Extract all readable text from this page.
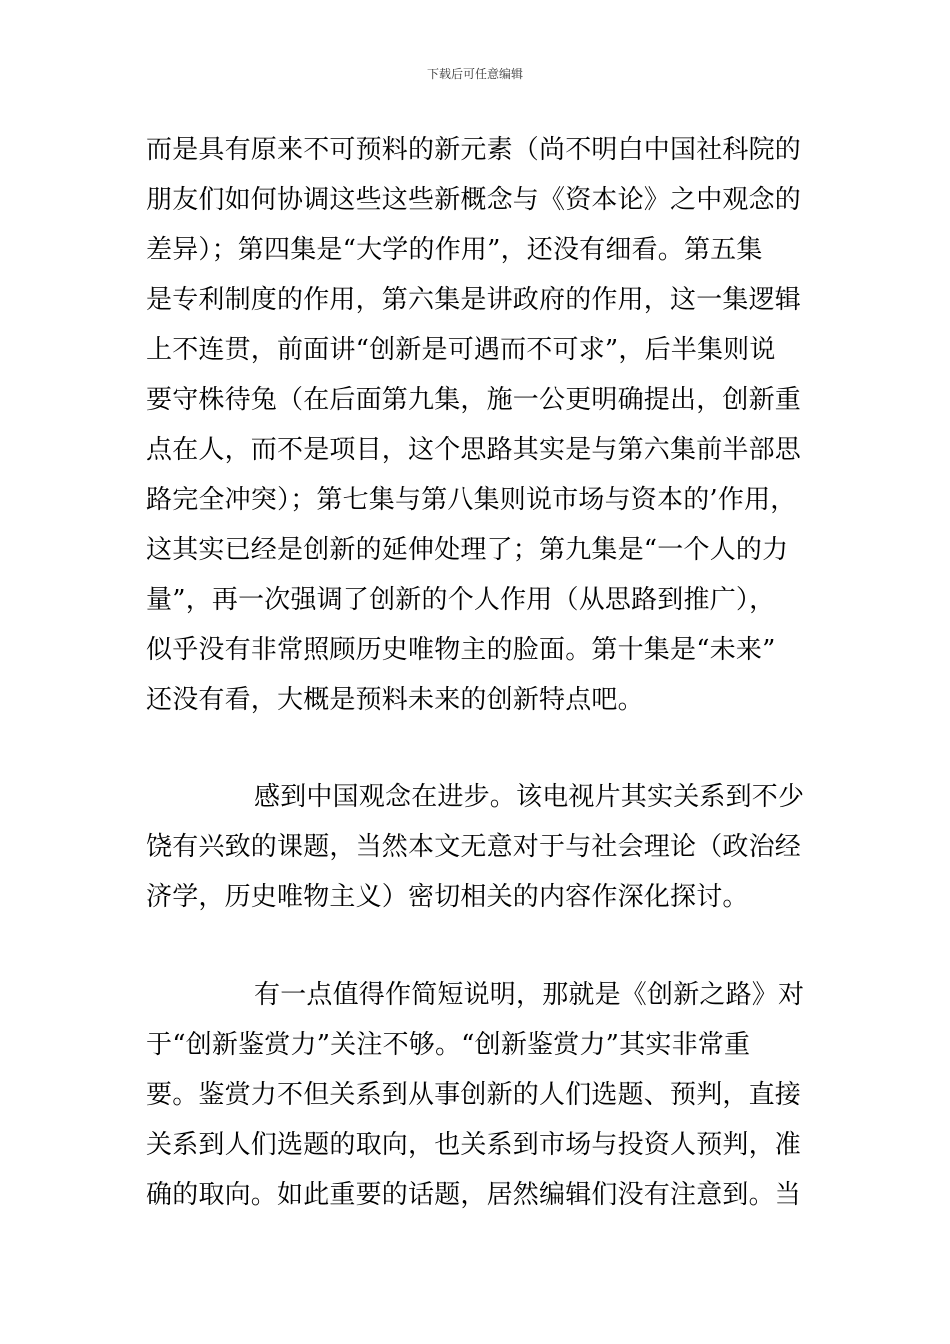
下载后可任意编辑
而是具有原来不可预料的新元素（尚不明白中国社科院的
朋友们如何协调这些这些新概念与《资本论》之中观念的
差异）；第四集是“大学的作用”，还没有细看。第五集
是专利制度的作用，第六集是讲政府的作用，这一集逻辑
上不连贯，前面讲“创新是可遇而不可求”，后半集则说
要守株待兔（在后面第九集，施一公更明确提出，创新重
点在人，而不是项目，这个思路其实是与第六集前半部思
路完全冲突）；第七集与第八集则说市场与资本的’作用，
这其实已经是创新的延伸处理了；第九集是“一个人的力
量”，再一次强调了创新的个人作用（从思路到推广），
似乎没有非常照顾历史唯物主的脸面。第十集是“未来”
还没有看，大概是预料未来的创新特点吧。
感到中国观念在进步。该电视片其实关系到不少
饶有兴致的课题，当然本文无意对于与社会理论（政治经
济学，历史唯物主义）密切相关的内容作深化探讨。
有一点值得作简短说明，那就是《创新之路》对
于“创新鉴赏力”关注不够。“创新鉴赏力”其实非常重
要。鉴赏力不但关系到从事创新的人们选题、预判，直接
关系到人们选题的取向，也关系到市场与投资人预判，准
确的取向。如此重要的话题，居然编辑们没有注意到。当
